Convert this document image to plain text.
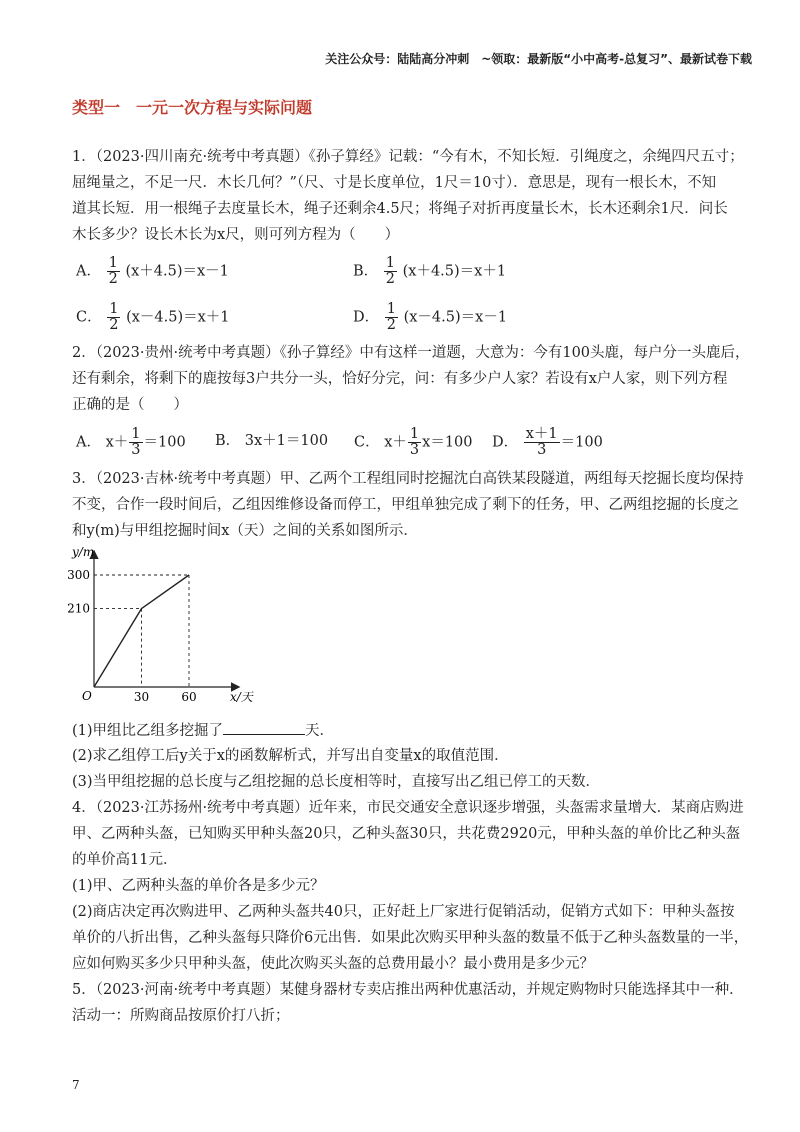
关注公众号：陆陆高分冲刺　~领取：最新版“小中高考-总复习”、最新试卷下载
类型一　一元一次方程与实际问题
1．（2023·四川南充·统考中考真题）《孙子算经》记载：“今有木，不知长短．引绳度之，余绳四尺五寸；
屈绳量之，不足一尺．木长几何？”（尺、寸是长度单位，1尺＝10寸）．意思是，现有一根长木，不知
道其长短．用一根绳子去度量长木，绳子还剩余4.5尺；将绳子对折再度量长木，长木还剩余1尺．问长
木长多少？设长木长为x尺，则可列方程为（　　）
A． $\frac{1}{2} (x+4.5)=x-1$	B． $\frac{1}{2} (x+4.5)=x+1$
C． $\frac{1}{2} (x-4.5)=x+1$	D． $\frac{1}{2} (x-4.5)=x-1$
2．（2023·贵州·统考中考真题）《孙子算经》中有这样一道题，大意为：今有100头鹿，每户分一头鹿后，
还有剩余，将剩下的鹿按每3户共分一头，恰好分完，问：有多少户人家？若设有x户人家，则下列方程
正确的是（　　）
A． $x+ \frac{1}{3} =100$ B． 3x＋1＝100 C． $x+ \frac{1}{3} x=100$ D． $\frac{x+1}{3} =100$
3．（2023·吉林·统考中考真题）甲、乙两个工程组同时挖掘沈白高铁某段隧道，两组每天挖掘长度均保持
不变，合作一段时间后，乙组因维修设备而停工，甲组单独完成了剩下的任务，甲、乙两组挖掘的长度之
和y(m)与甲组挖掘时间x（天）之间的关系如图所示．
30	60
210
300
y/m
x/天
O
(1)甲组比乙组多挖掘了	天．
(2)求乙组停工后y关于x的函数解析式，并写出自变量x的取值范围．
(3)当甲组挖掘的总长度与乙组挖掘的总长度相等时，直接写出乙组已停工的天数．
4．（2023·江苏扬州·统考中考真题）近年来，市民交通安全意识逐步增强，头盔需求量增大．某商店购进
甲、乙两种头盔，已知购买甲种头盔20只，乙种头盔30只，共花费2920元，甲种头盔的单价比乙种头盔
的单价高11元．
(1)甲、乙两种头盔的单价各是多少元？
(2)商店决定再次购进甲、乙两种头盔共40只，正好赶上厂家进行促销活动，促销方式如下：甲种头盔按
单价的八折出售，乙种头盔每只降价6元出售．如果此次购买甲种头盔的数量不低于乙种头盔数量的一半，
应如何购买多少只甲种头盔，使此次购买头盔的总费用最小？最小费用是多少元？
5．（2023·河南·统考中考真题）某健身器材专卖店推出两种优惠活动，并规定购物时只能选择其中一种．
活动一：所购商品按原价打八折；
7
